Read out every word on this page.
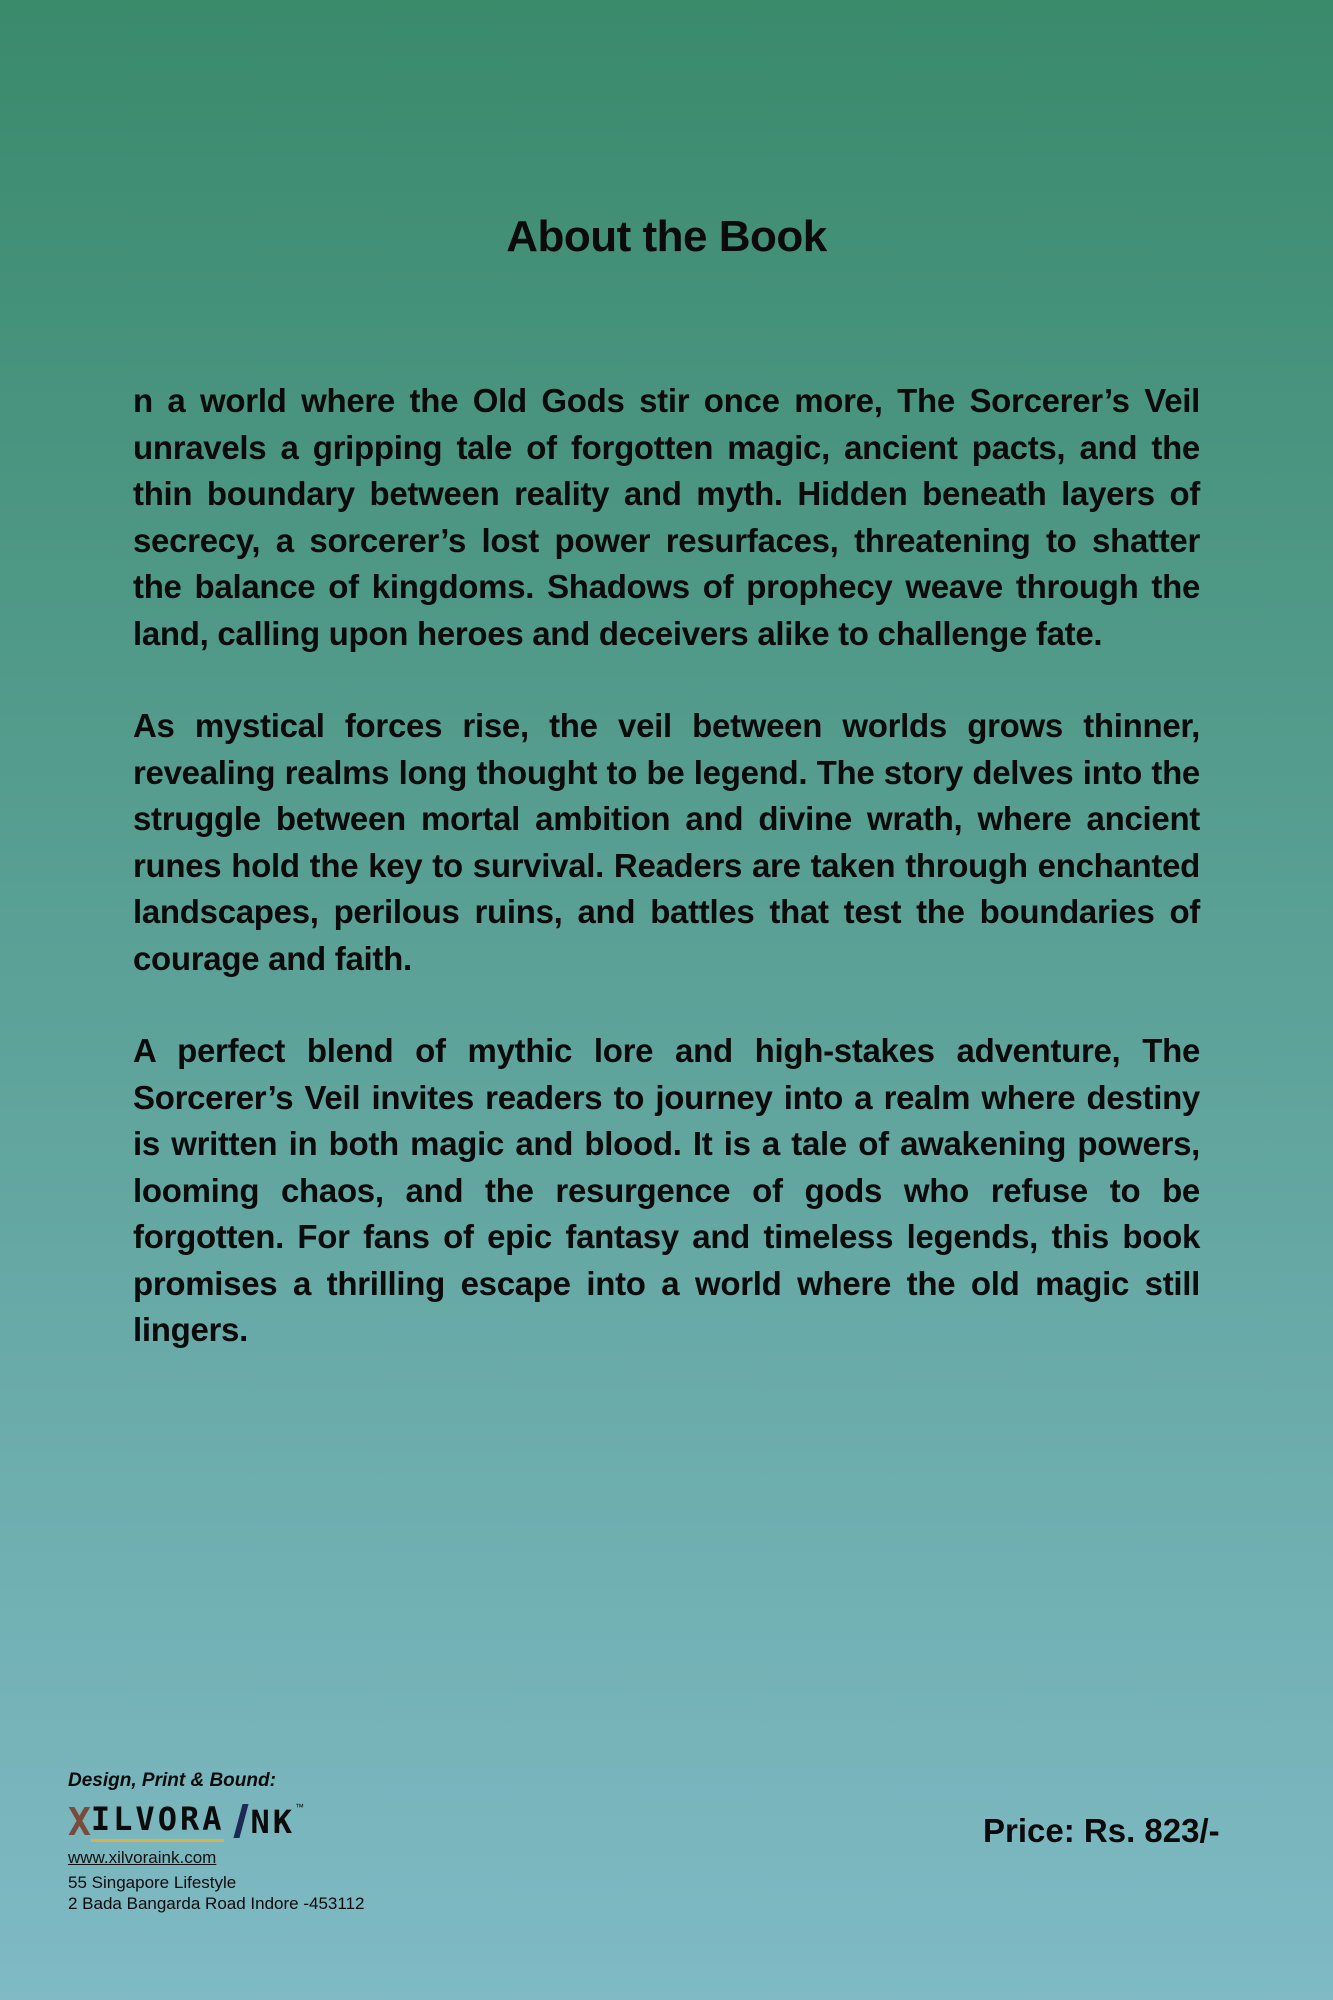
About the Book

n a world where the Old Gods stir once more, The Sorcerer’s Veil unravels a gripping tale of forgotten magic, ancient pacts, and the thin boundary between reality and myth. Hidden beneath layers of secrecy, a sorcerer’s lost power resurfaces, threatening to shatter the balance of kingdoms. Shadows of prophecy weave through the land, calling upon heroes and deceivers alike to challenge fate.

As mystical forces rise, the veil between worlds grows thinner, revealing realms long thought to be legend. The story delves into the struggle between mortal ambition and divine wrath, where ancient runes hold the key to survival. Readers are taken through enchanted landscapes, perilous ruins, and battles that test the boundaries of courage and faith.

A perfect blend of mythic lore and high-stakes adventure, The Sorcerer’s Veil invites readers to journey into a realm where destiny is written in both magic and blood. It is a tale of awakening powers, looming chaos, and the resurgence of gods who refuse to be forgotten. For fans of epic fantasy and timeless legends, this book promises a thrilling escape into a world where the old magic still lingers.

Design, Print & Bound:
X ILVORA NK ™
www.xilvoraink.com
55 Singapore Lifestyle
2 Bada Bangarda Road Indore -453112
Price: Rs. 823/-
